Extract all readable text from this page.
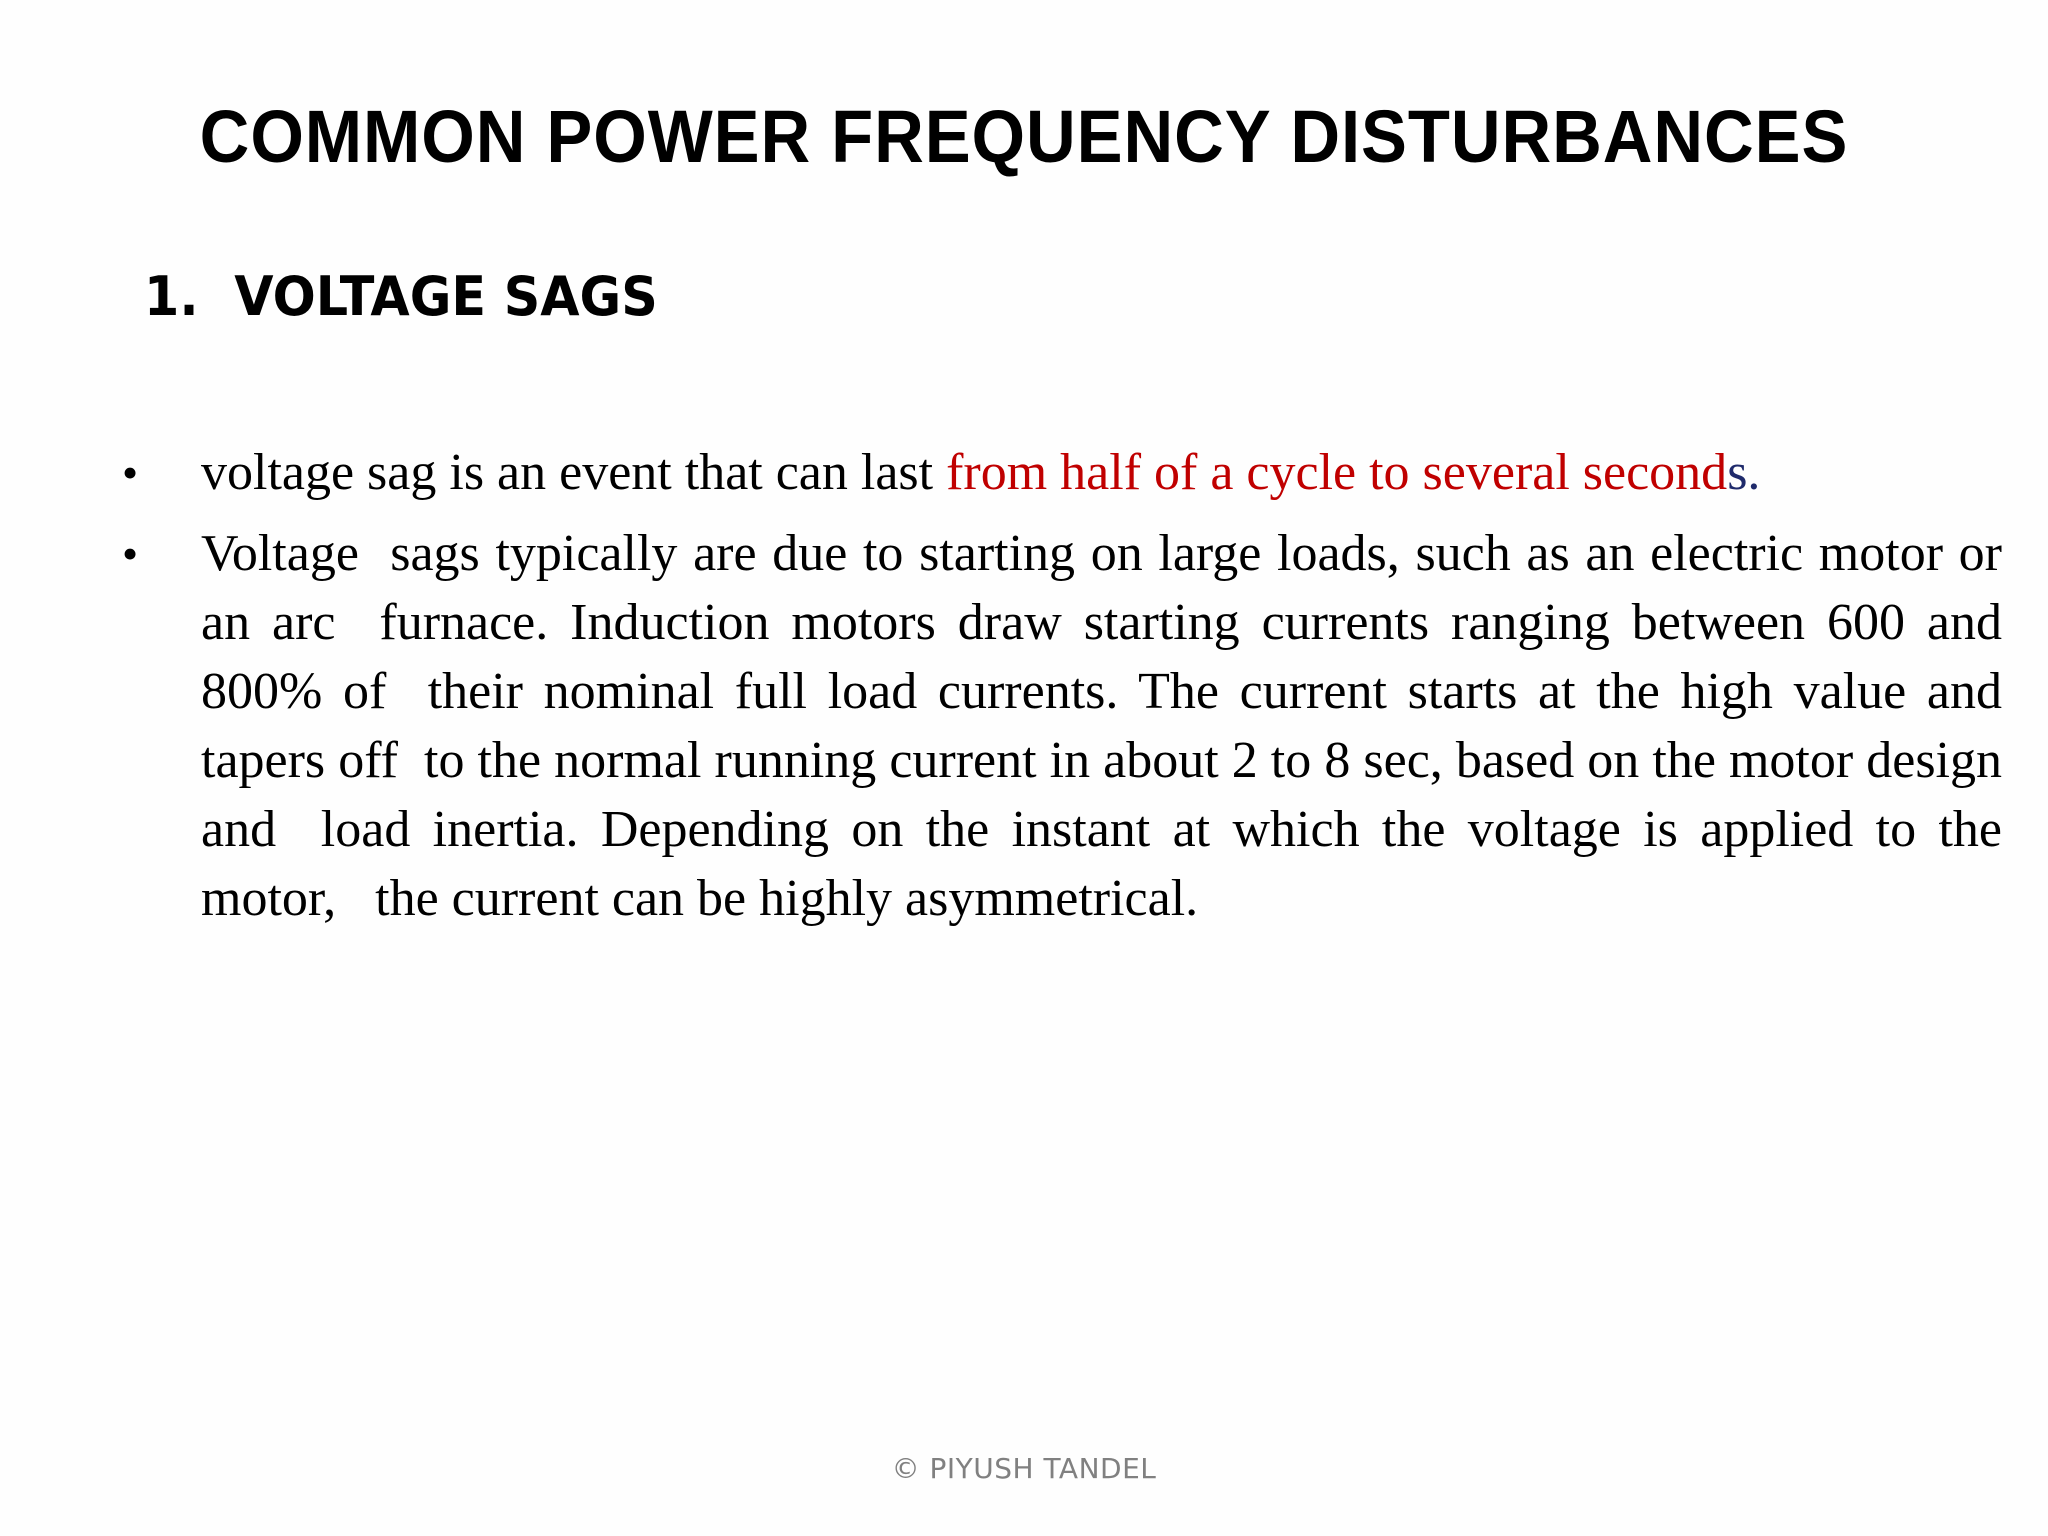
COMMON POWER FREQUENCY DISTURBANCES
1. VOLTAGE SAGS
• voltage sag is an event that can last from half of a cycle to several seconds.
• Voltage  sags typically are due to starting on large loads, such as an electric motor or an arc  furnace. Induction motors draw starting currents ranging between 600 and 800% of  their nominal full load currents. The current starts at the high value and tapers off  to the normal running current in about 2 to 8 sec, based on the motor design and  load inertia. Depending on the instant at which the voltage is applied to the motor,   the current can be highly asymmetrical.
© PIYUSH TANDEL
